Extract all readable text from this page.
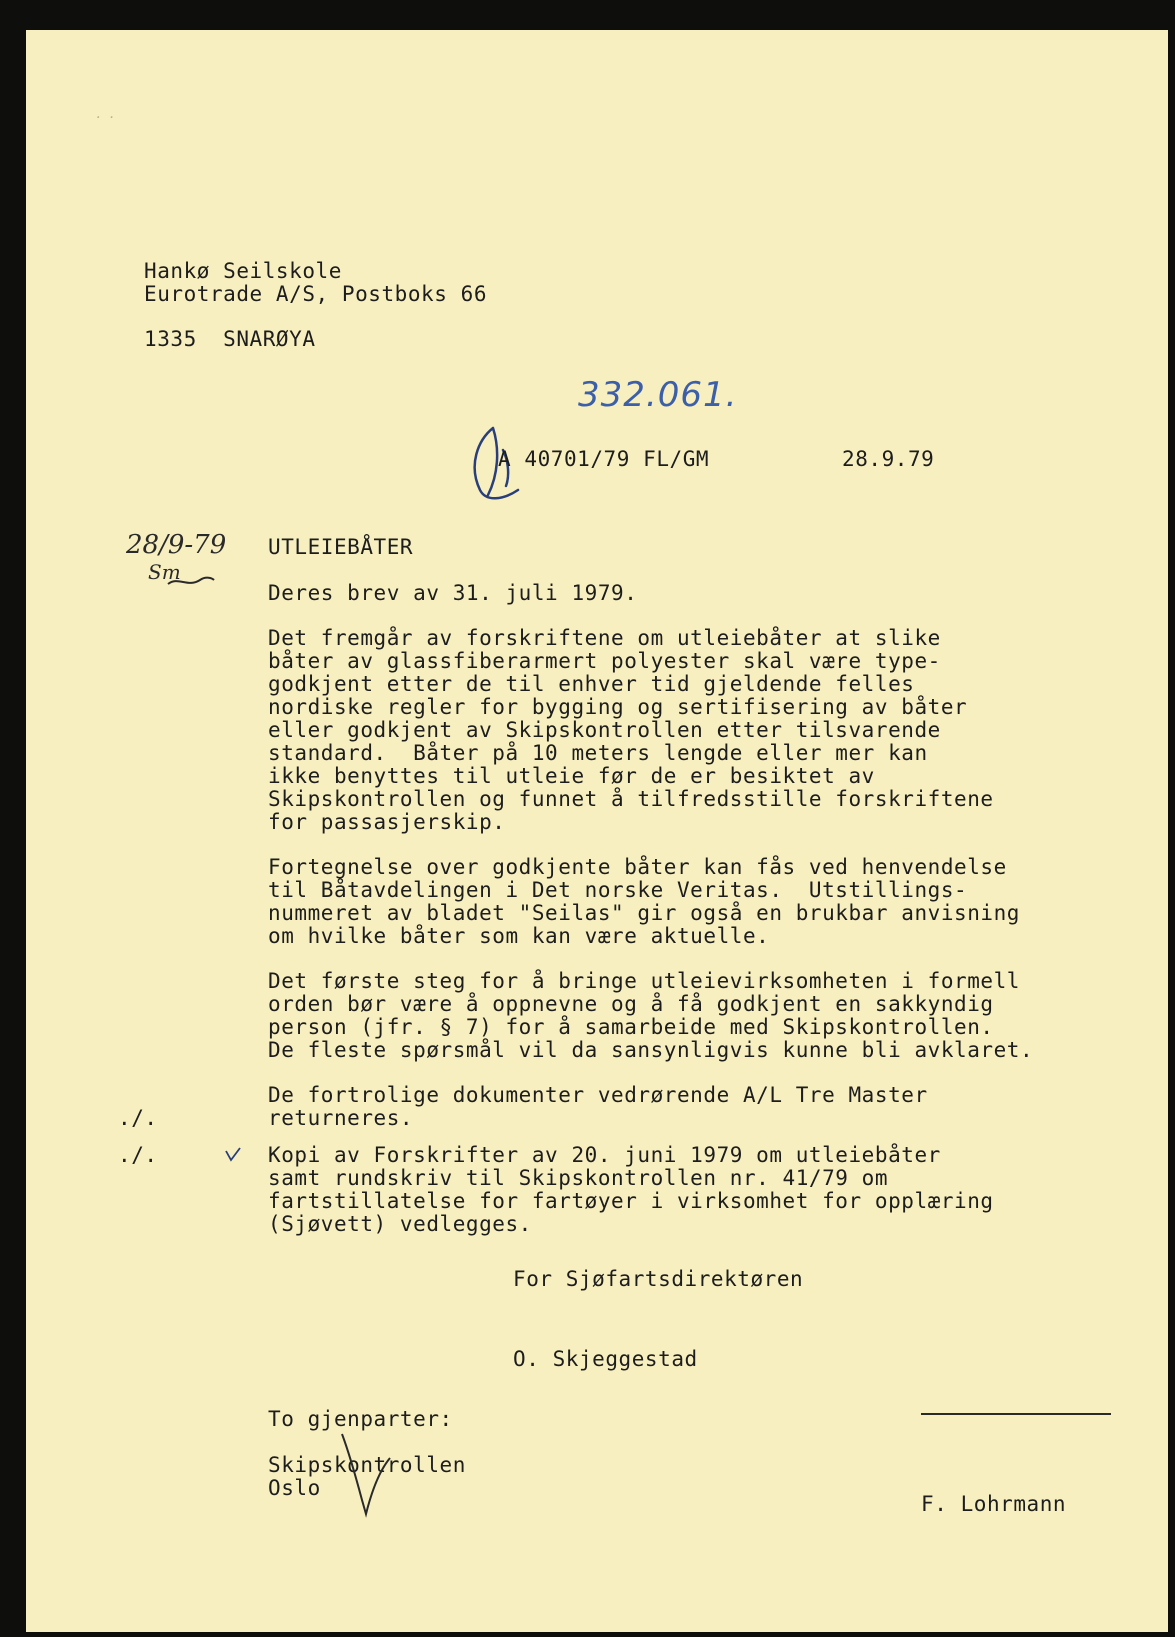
·  ·
Hankø Seilskole
Eurotrade A/S, Postboks 66
1335  SNARØYA
332.061.
A 40701/79 FL/GM	28.9.79
28/9-79
Sm
UTLEIEBÅTER
Deres brev av 31. juli 1979.
Det fremgår av forskriftene om utleiebåter at slike
båter av glassfiberarmert polyester skal være type-
godkjent etter de til enhver tid gjeldende felles
nordiske regler for bygging og sertifisering av båter
eller godkjent av Skipskontrollen etter tilsvarende
standard.  Båter på 10 meters lengde eller mer kan
ikke benyttes til utleie før de er besiktet av
Skipskontrollen og funnet å tilfredsstille forskriftene
for passasjerskip.
Fortegnelse over godkjente båter kan fås ved henvendelse
til Båtavdelingen i Det norske Veritas.  Utstillings-
nummeret av bladet "Seilas" gir også en brukbar anvisning
om hvilke båter som kan være aktuelle.
Det første steg for å bringe utleievirksomheten i formell
orden bør være å oppnevne og å få godkjent en sakkyndig
person (jfr. § 7) for å samarbeide med Skipskontrollen.
De fleste spørsmål vil da sansynligvis kunne bli avklaret.
./.
De fortrolige dokumenter vedrørende A/L Tre Master
returneres.
./.	Kopi av Forskrifter av 20. juni 1979 om utleiebåter
samt rundskriv til Skipskontrollen nr. 41/79 om
fartstillatelse for fartøyer i virksomhet for opplæring
(Sjøvett) vedlegges.
For Sjøfartsdirektøren
O. Skjeggestad
To gjenparter:
Skipskontrollen
Oslo
F. Lohrmann
